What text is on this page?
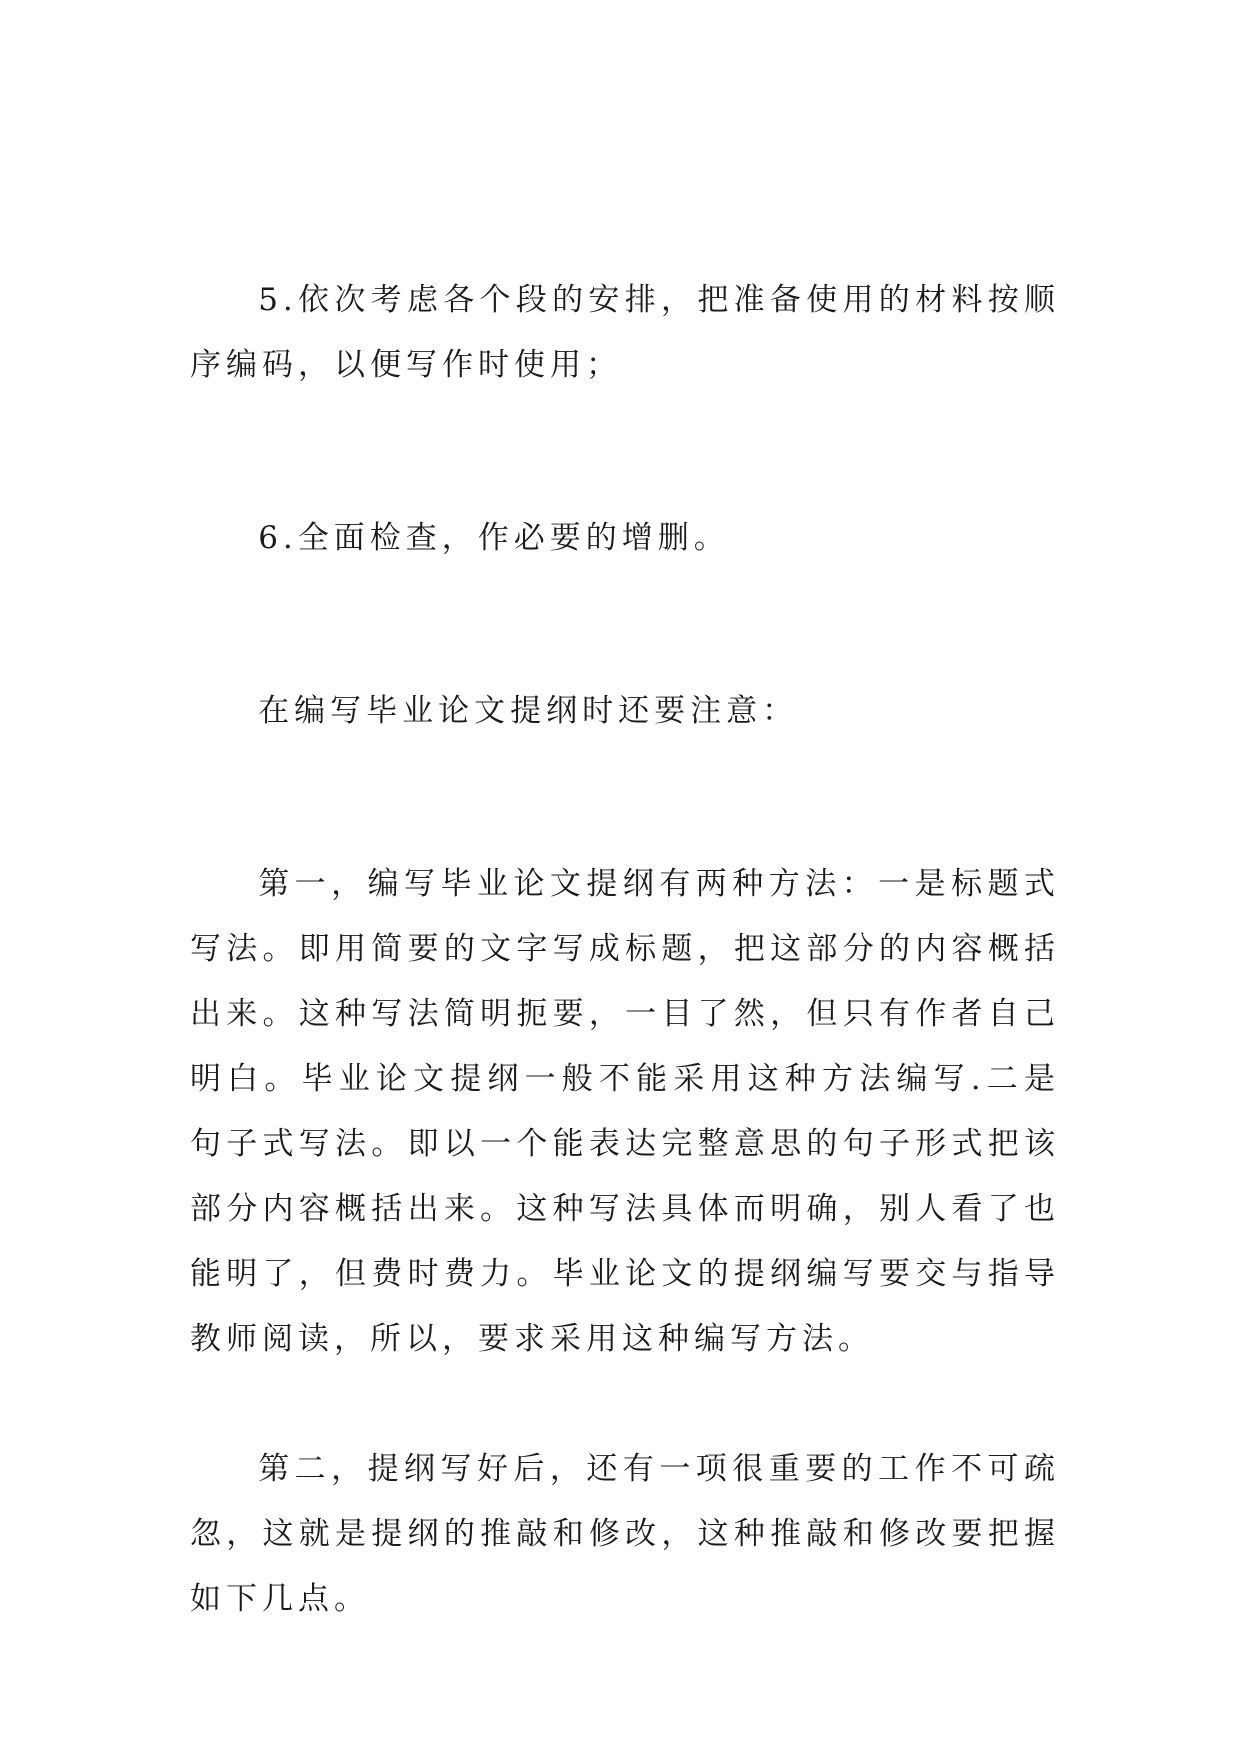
5.依次考虑各个段的安排，把准备使用的材料按顺序编码，以便写作时使用；

6.全面检查，作必要的增删。

在编写毕业论文提纲时还要注意：

第一，编写毕业论文提纲有两种方法：一是标题式写法。即用简要的文字写成标题，把这部分的内容概括出来。这种写法简明扼要，一目了然，但只有作者自己明白。毕业论文提纲一般不能采用这种方法编写.二是句子式写法。即以一个能表达完整意思的句子形式把该部分内容概括出来。这种写法具体而明确，别人看了也能明了，但费时费力。毕业论文的提纲编写要交与指导教师阅读，所以，要求采用这种编写方法。

第二，提纲写好后，还有一项很重要的工作不可疏忽，这就是提纲的推敲和修改，这种推敲和修改要把握如下几点。
